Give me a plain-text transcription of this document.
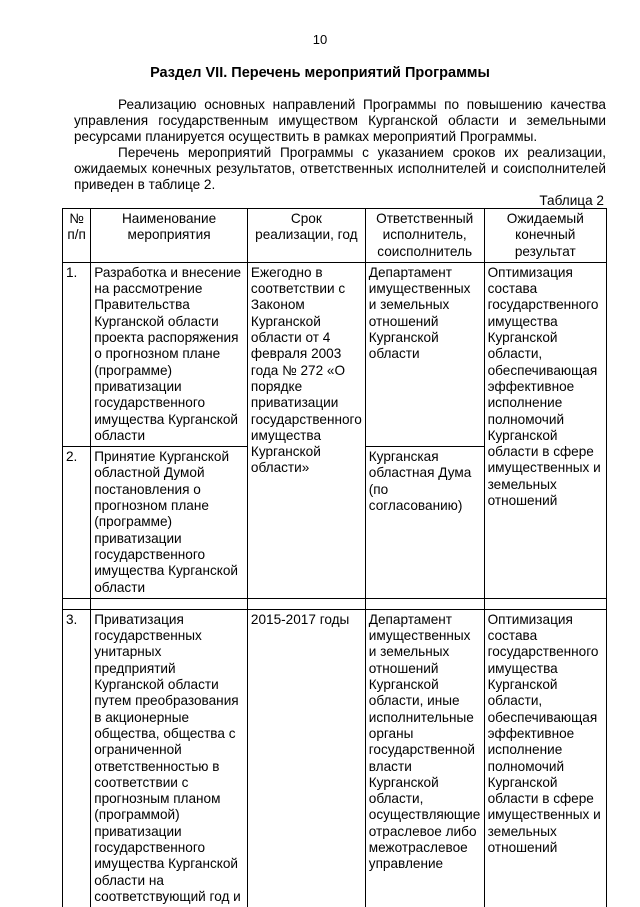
10
Раздел VII. Перечень мероприятий Программы
Реализацию основных направлений Программы по повышению качества управления государственным имуществом Курганской области и земельными ресурсами планируется осуществить в рамках мероприятий Программы.
Перечень мероприятий Программы с указанием сроков их реализации, ожидаемых конечных результатов, ответственных исполнителей и соисполнителей приведен в таблице 2.
Таблица 2
№ п/п	Наименование мероприятия	Срок реализации, год	Ответственный исполнитель, соисполнитель	Ожидаемый конечный результат
1.	Разработка и внесение на рассмотрение Правительства Курганской области проекта распоряжения о прогнозном плане (программе) приватизации государственного имущества Курганской области	Ежегодно в соответствии с Законом Курганской области от 4 февраля 2003 года № 272 «О порядке приватизации государственного имущества Курганской области»	Департамент имущественных и земельных отношений Курганской области	Оптимизация состава государственного имущества Курганской области, обеспечивающая эффективное исполнение полномочий Курганской области в сфере имущественных и земельных отношений
2.	Принятие Курганской областной Думой постановления о прогнозном плане (программе) приватизации государственного имущества Курганской области		Курганская областная Дума (по согласованию)	

3.	Приватизация государственных унитарных предприятий Курганской области путем преобразования в акционерные общества, общества с ограниченной ответственностью в соответствии с прогнозным планом (программой) приватизации государственного имущества Курганской области на соответствующий год и	2015-2017 годы	Департамент имущественных и земельных отношений Курганской области, иные исполнительные органы государственной власти Курганской области, осуществляющие отраслевое либо межотраслевое управление	Оптимизация состава государственного имущества Курганской области, обеспечивающая эффективное исполнение полномочий Курганской области в сфере имущественных и земельных отношений
